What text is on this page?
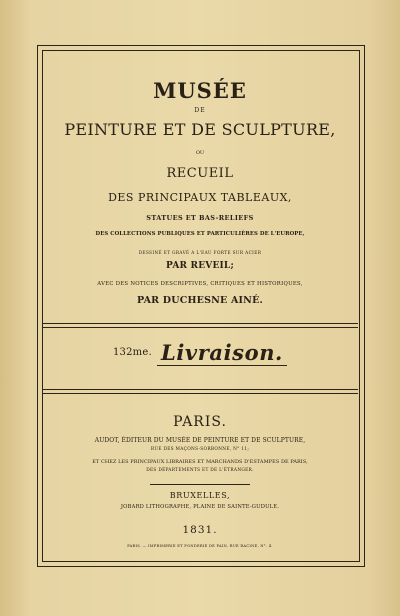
MUSÉE
DE
PEINTURE ET DE SCULPTURE,
OU
RECUEIL
DES PRINCIPAUX TABLEAUX,
STATUES ET BAS-RELIEFS
DES COLLECTIONS PUBLIQUES ET PARTICULIÈRES DE L'EUROPE,
DESSINÉ ET GRAVÉ A L'EAU FORTE SUR ACIER
PAR REVEIL;
AVEC DES NOTICES DESCRIPTIVES, CRITIQUES ET HISTORIQUES,
PAR DUCHESNE AINÉ.
132me. Livraison.
PARIS.
AUDOT, ÉDITEUR DU MUSÉE DE PEINTURE ET DE SCULPTURE,
RUE DES MAÇONS-SORBONNE, N° 11;
ET CHEZ LES PRINCIPAUX LIBRAIRES ET MARCHANDS D'ESTAMPES DE PARIS,
DES DÉPARTEMENTS ET DE L'ÉTRANGER.
BRUXELLES,
JOBARD LITHOGRAPHE, PLAINE DE SAINTE-GUDULE.
1831.
PARIS. — IMPRIMERIE ET FONDERIE DE FAIN, RUE RACINE, N°. 4.
